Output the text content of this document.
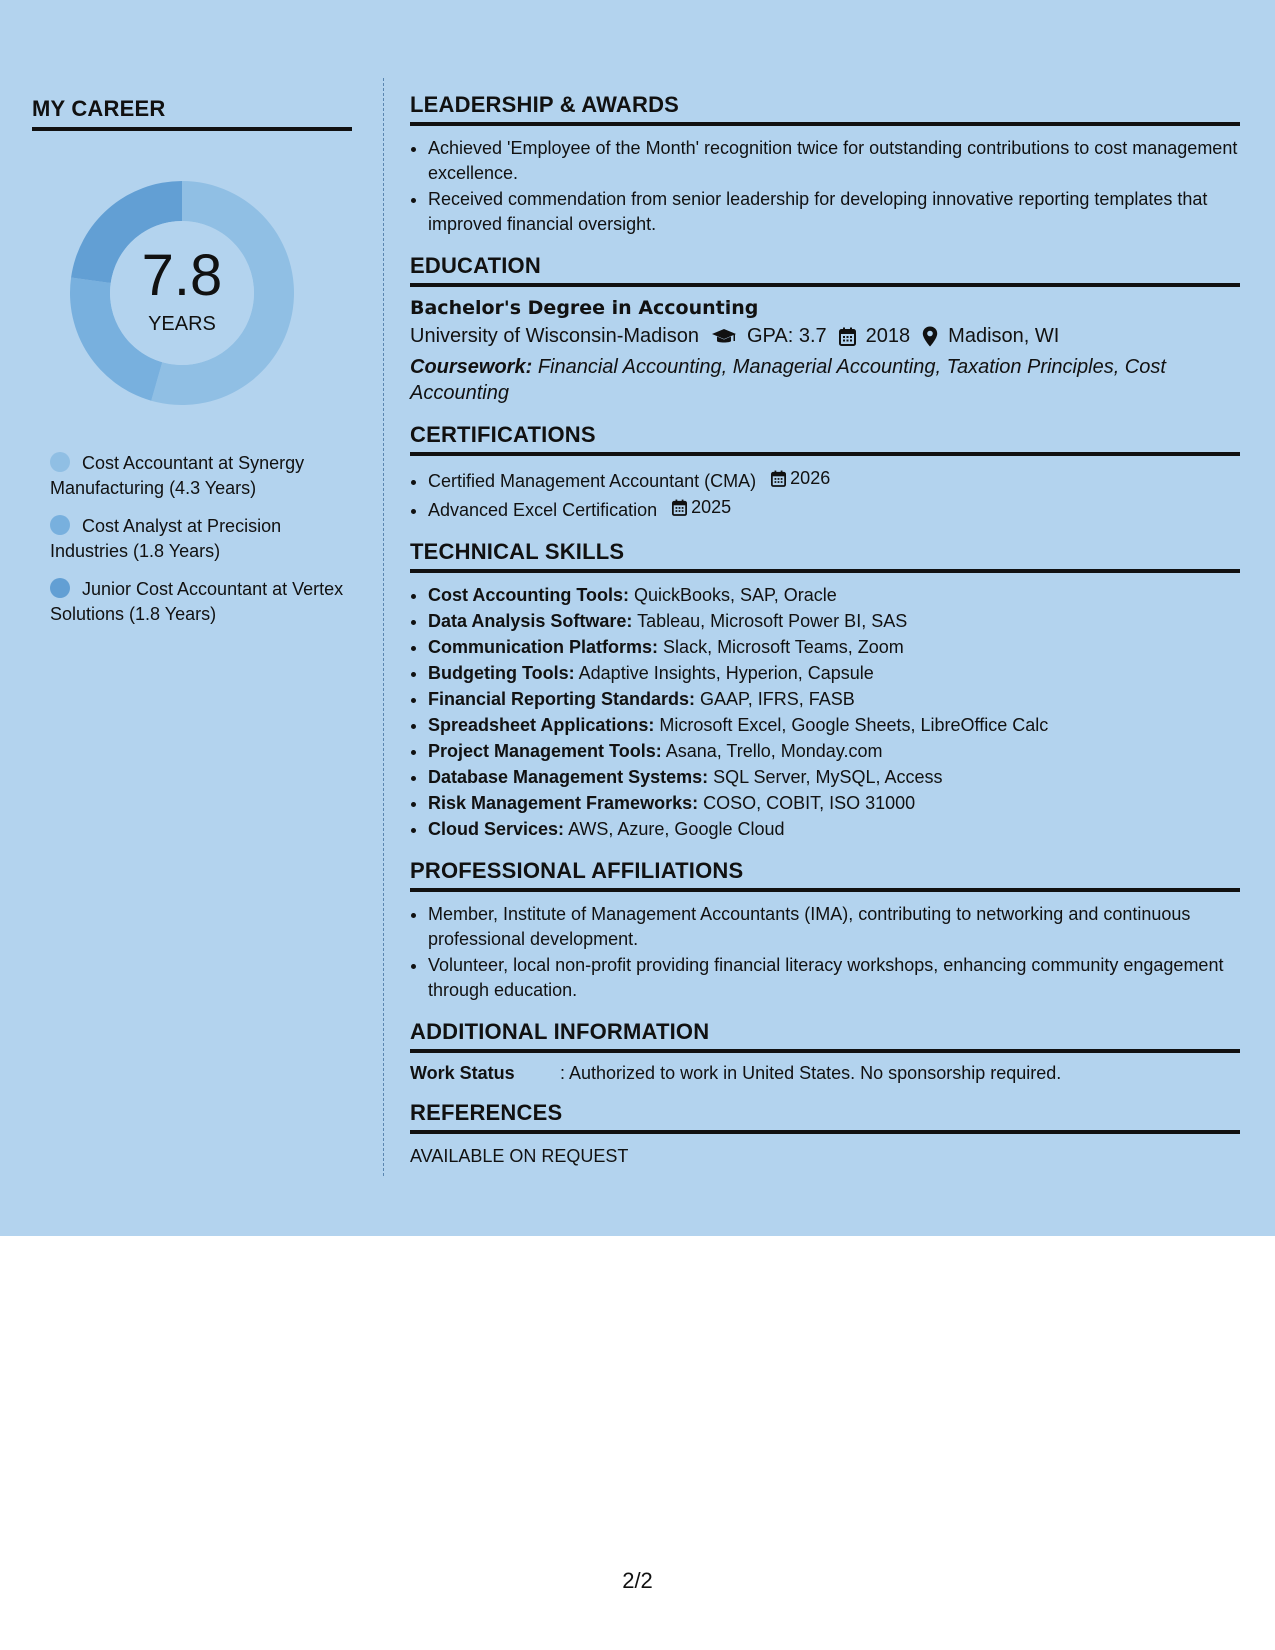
MY CAREER
7.8
YEARS
Cost Accountant at Synergy Manufacturing (4.3 Years)
Cost Analyst at Precision Industries (1.8 Years)
Junior Cost Accountant at Vertex Solutions (1.8 Years)
LEADERSHIP & AWARDS
• Achieved 'Employee of the Month' recognition twice for outstanding contributions to cost management excellence.
• Received commendation from senior leadership for developing innovative reporting templates that improved financial oversight.
EDUCATION
Bachelor's Degree in Accounting
University of Wisconsin-Madison GPA: 3.7 2018 Madison, WI
Coursework: Financial Accounting, Managerial Accounting, Taxation Principles, Cost Accounting
CERTIFICATIONS
• Certified Management Accountant (CMA) 2026
• Advanced Excel Certification 2025
TECHNICAL SKILLS
• Cost Accounting Tools: QuickBooks, SAP, Oracle
• Data Analysis Software: Tableau, Microsoft Power BI, SAS
• Communication Platforms: Slack, Microsoft Teams, Zoom
• Budgeting Tools: Adaptive Insights, Hyperion, Capsule
• Financial Reporting Standards: GAAP, IFRS, FASB
• Spreadsheet Applications: Microsoft Excel, Google Sheets, LibreOffice Calc
• Project Management Tools: Asana, Trello, Monday.com
• Database Management Systems: SQL Server, MySQL, Access
• Risk Management Frameworks: COSO, COBIT, ISO 31000
• Cloud Services: AWS, Azure, Google Cloud
PROFESSIONAL AFFILIATIONS
• Member, Institute of Management Accountants (IMA), contributing to networking and continuous professional development.
• Volunteer, local non-profit providing financial literacy workshops, enhancing community engagement through education.
ADDITIONAL INFORMATION
Work Status	: Authorized to work in United States. No sponsorship required.
REFERENCES
AVAILABLE ON REQUEST
2/2
